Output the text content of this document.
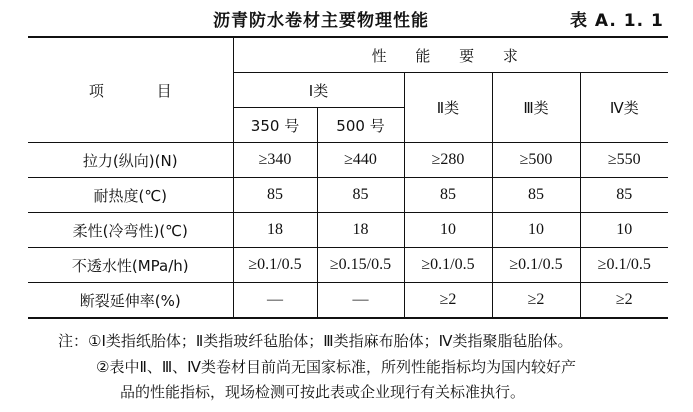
沥青防水卷材主要物理性能	表 A. 1. 1
项 目	性 能 要 求				
	Ⅰ类		Ⅱ类	Ⅲ类	Ⅳ类
	350 号	500 号			
拉力(纵向)(N)	≥340	≥440	≥280	≥500	≥550
耐热度(℃)	85	85	85	85	85
柔性(冷弯性)(℃)	18	18	10	10	10
不透水性(MPa/h)	≥0.1/0.5	≥0.15/0.5	≥0.1/0.5	≥0.1/0.5	≥0.1/0.5
断裂延伸率(%)	—	—	≥2	≥2	≥2
注：①Ⅰ类指纸胎体；Ⅱ类指玻纤毡胎体；Ⅲ类指麻布胎体；Ⅳ类指聚脂毡胎体。
②表中Ⅱ、Ⅲ、Ⅳ类卷材目前尚无国家标准，所列性能指标均为国内较好产
品的性能指标，现场检测可按此表或企业现行有关标准执行。
